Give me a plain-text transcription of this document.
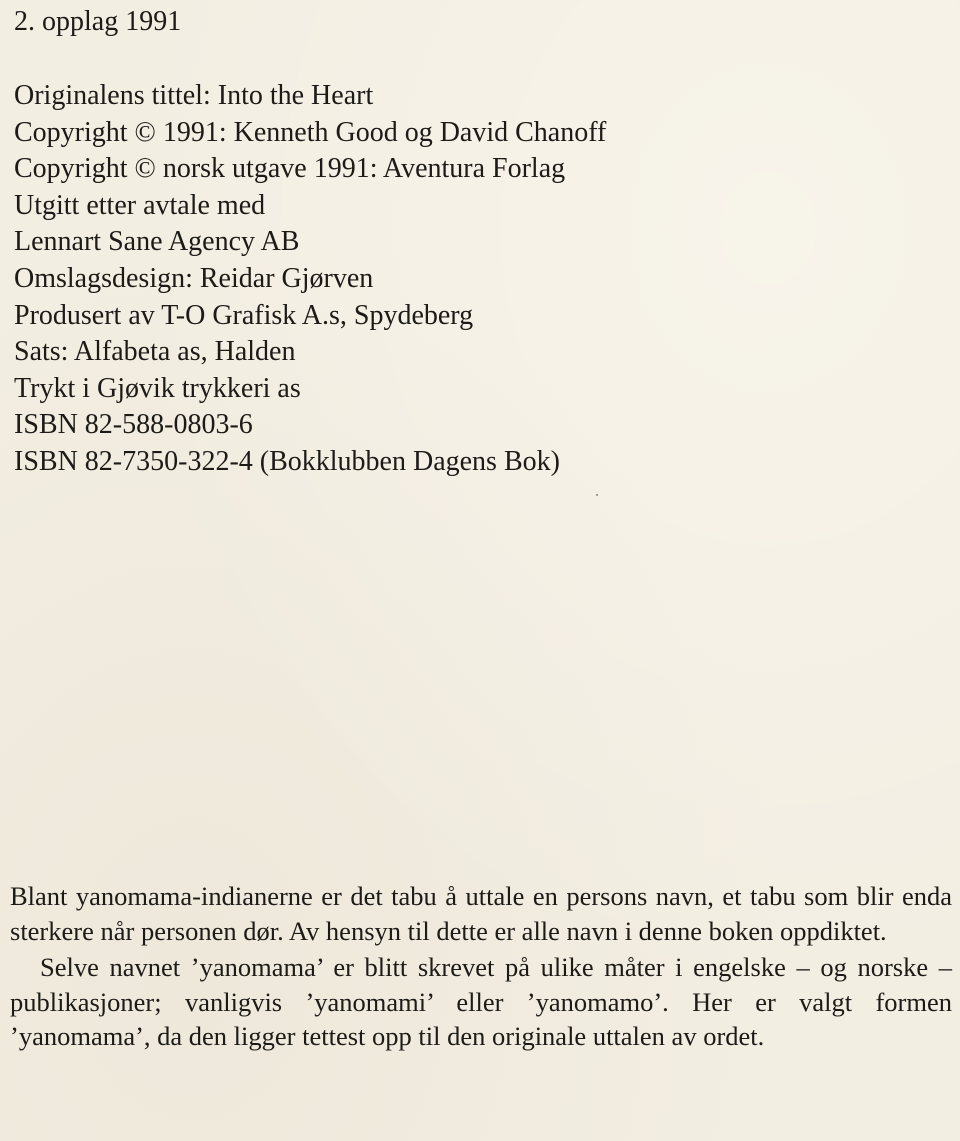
2. opplag 1991

Originalens tittel: Into the Heart
Copyright © 1991: Kenneth Good og David Chanoff
Copyright © norsk utgave 1991: Aventura Forlag
Utgitt etter avtale med
Lennart Sane Agency AB
Omslagsdesign: Reidar Gjørven
Produsert av T-O Grafisk A.s, Spydeberg
Sats: Alfabeta as, Halden
Trykt i Gjøvik trykkeri as
ISBN 82-588-0803-6
ISBN 82-7350-322-4 (Bokklubben Dagens Bok)

Blant yanomama-indianerne er det tabu å uttale en persons navn, et tabu som blir enda sterkere når personen dør. Av hensyn til dette er alle navn i denne boken oppdiktet.

Selve navnet ’yanomama’ er blitt skrevet på ulike måter i engelske – og norske – publikasjoner; vanligvis ’yanomami’ eller ’yanomamo’. Her er valgt formen ’yanomama’, da den ligger tettest opp til den originale uttalen av ordet.
